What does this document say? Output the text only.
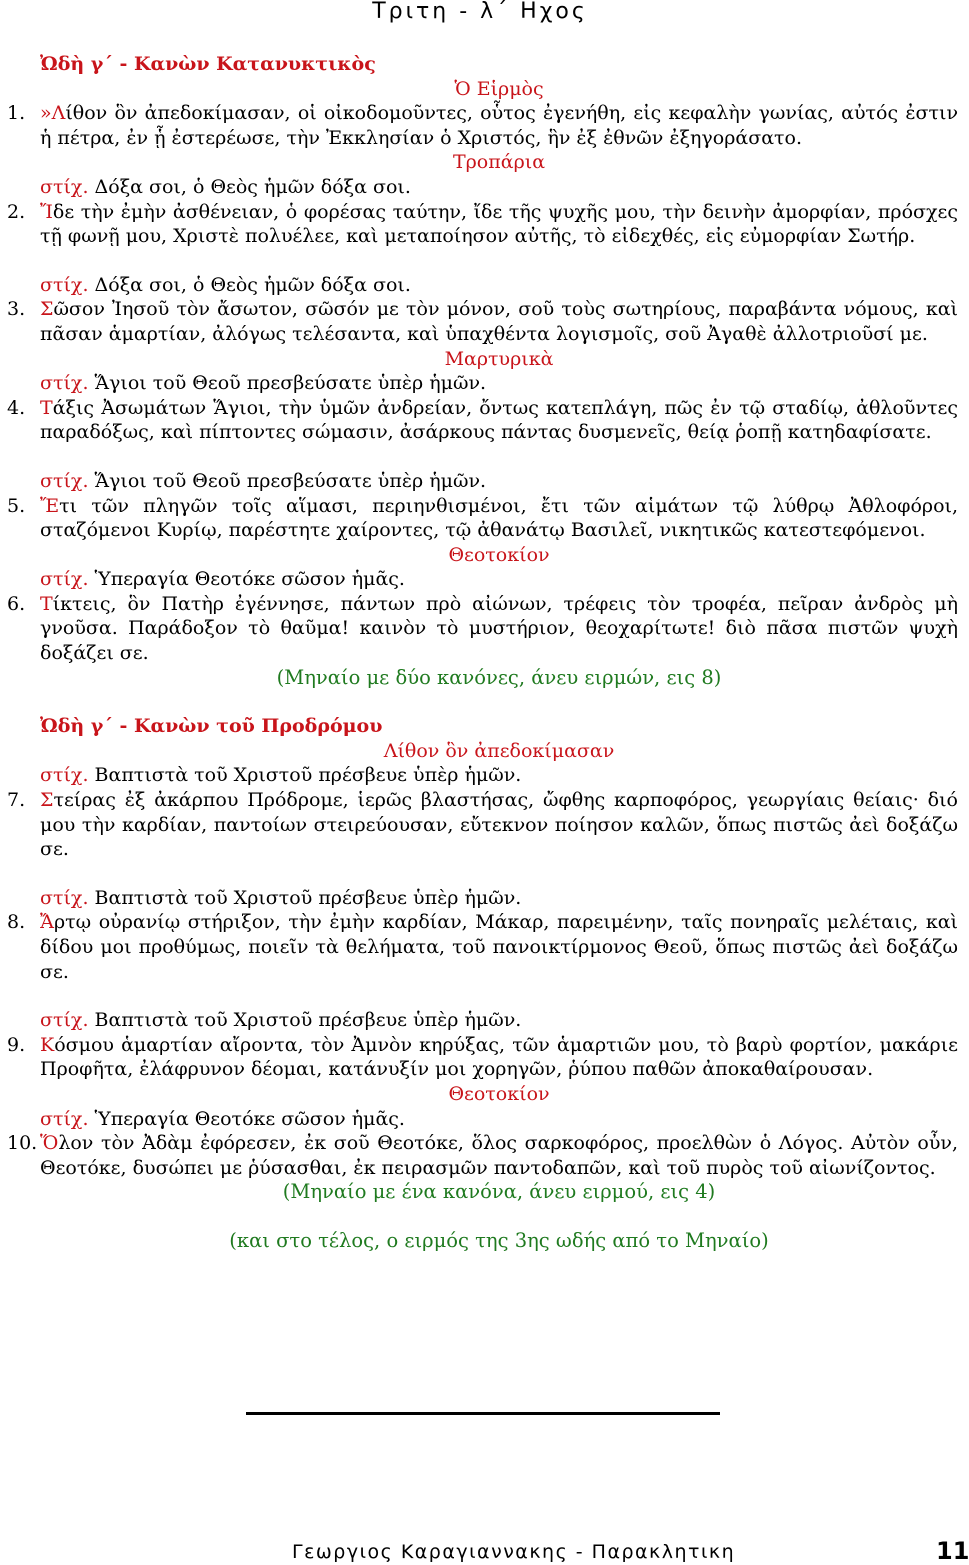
Τριτη - λ΄ Ηχος
Ὠδὴ γ΄ - Κανὼν Κατανυκτικὸς
Ὁ Εἱρμὸς
1. »Λίθον ὃν ἀπεδοκίμασαν, οἱ οἰκοδομοῦντες, οὗτος ἐγενήθη, εἰς κεφαλὴν γωνίας, αὐτός ἐστιν ἡ πέτρα, ἐν ᾗ ἐστερέωσε, τὴν Ἐκκλησίαν ὁ Χριστός, ἣν ἐξ ἐθνῶν ἐξηγοράσατο.
Τροπάρια
στίχ. Δόξα σοι, ὁ Θεὸς ἡμῶν δόξα σοι.
2. Ἴδε τὴν ἐμὴν ἀσθένειαν, ὁ φορέσας ταύτην, ἴδε τῆς ψυχῆς μου, τὴν δεινὴν ἀμορφίαν, πρόσχες τῇ φωνῇ μου, Χριστὲ πολυέλεε, καὶ μεταποίησον αὐτῆς, τὸ εἰδεχθές, εἰς εὐμορφίαν Σωτήρ.
στίχ. Δόξα σοι, ὁ Θεὸς ἡμῶν δόξα σοι.
3. Σῶσον Ἰησοῦ τὸν ἄσωτον, σῶσόν με τὸν μόνον, σοῦ τοὺς σωτηρίους, παραβάντα νόμους, καὶ πᾶσαν ἁμαρτίαν, ἀλόγως τελέσαντα, καὶ ὑπαχθέντα λογισμοῖς, σοῦ Ἀγαθὲ ἀλλοτριοῦσί με.
Μαρτυρικὰ
στίχ. Ἅγιοι τοῦ Θεοῦ πρεσβεύσατε ὑπὲρ ἡμῶν.
4. Τάξις Ἀσωμάτων Ἅγιοι, τὴν ὑμῶν ἀνδρείαν, ὄντως κατεπλάγη, πῶς ἐν τῷ σταδίῳ, ἀθλοῦντες παραδόξως, καὶ πίπτοντες σώμασιν, ἀσάρκους πάντας δυσμενεῖς, θείᾳ ῥοπῇ κατηδαφίσατε.
στίχ. Ἅγιοι τοῦ Θεοῦ πρεσβεύσατε ὑπὲρ ἡμῶν.
5. Ἔτι τῶν πληγῶν τοῖς αἵμασι, περιηνθισμένοι, ἔτι τῶν αἱμάτων τῷ λύθρῳ Ἀθλοφόροι, σταζόμενοι Κυρίῳ, παρέστητε χαίροντες, τῷ ἀθανάτῳ Βασιλεῖ, νικητικῶς κατεστεφόμενοι.
Θεοτοκίον
στίχ. Ὑπεραγία Θεοτόκε σῶσον ἡμᾶς.
6. Τίκτεις, ὃν Πατὴρ ἐγέννησε, πάντων πρὸ αἰώνων, τρέφεις τὸν τροφέα, πεῖραν ἀνδρὸς μὴ γνοῦσα. Παράδοξον τὸ θαῦμα! καινὸν τὸ μυστήριον, θεοχαρίτωτε! διὸ πᾶσα πιστῶν ψυχὴ δοξάζει σε.
(Μηναίο με δύο κανόνες, άνευ ειρμών, εις 8)
Ὠδὴ γ΄ - Κανὼν τοῦ Προδρόμου
Λίθον ὃν ἀπεδοκίμασαν
στίχ. Βαπτιστὰ τοῦ Χριστοῦ πρέσβευε ὑπὲρ ἡμῶν.
7. Στείρας ἐξ ἀκάρπου Πρόδρομε, ἱερῶς βλαστήσας, ὤφθης καρποφόρος, γεωργίαις θείαις· διό μου τὴν καρδίαν, παντοίων στειρεύουσαν, εὔτεκνον ποίησον καλῶν, ὅπως πιστῶς ἀεὶ δοξάζω σε.
στίχ. Βαπτιστὰ τοῦ Χριστοῦ πρέσβευε ὑπὲρ ἡμῶν.
8. Ἄρτῳ οὐρανίῳ στήριξον, τὴν ἐμὴν καρδίαν, Μάκαρ, παρειμένην, ταῖς πονηραῖς μελέταις, καὶ δίδου μοι προθύμως, ποιεῖν τὰ θελήματα, τοῦ πανοικτίρμονος Θεοῦ, ὅπως πιστῶς ἀεὶ δοξάζω σε.
στίχ. Βαπτιστὰ τοῦ Χριστοῦ πρέσβευε ὑπὲρ ἡμῶν.
9. Κόσμου ἁμαρτίαν αἴροντα, τὸν Ἀμνὸν κηρύξας, τῶν ἁμαρτιῶν μου, τὸ βαρὺ φορτίον, μακάριε Προφῆτα, ἐλάφρυνον δέομαι, κατάνυξίν μοι χορηγῶν, ῥύπου παθῶν ἀποκαθαίρουσαν.
Θεοτοκίον
στίχ. Ὑπεραγία Θεοτόκε σῶσον ἡμᾶς.
10. Ὅλον τὸν Ἀδὰμ ἐφόρεσεν, ἐκ σοῦ Θεοτόκε, ὅλος σαρκοφόρος, προελθὼν ὁ Λόγος. Αὐτὸν οὖν, Θεοτόκε, δυσώπει με ῥύσασθαι, ἐκ πειρασμῶν παντοδαπῶν, καὶ τοῦ πυρὸς τοῦ αἰωνίζοντος.
(Μηναίο με ένα κανόνα, άνευ ειρμού, εις 4)
(και στο τέλος, ο ειρμός της 3ης ωδής από το Μηναίο)
Γεωργιος Καραγιαννακης - Παρακλητικη	11
